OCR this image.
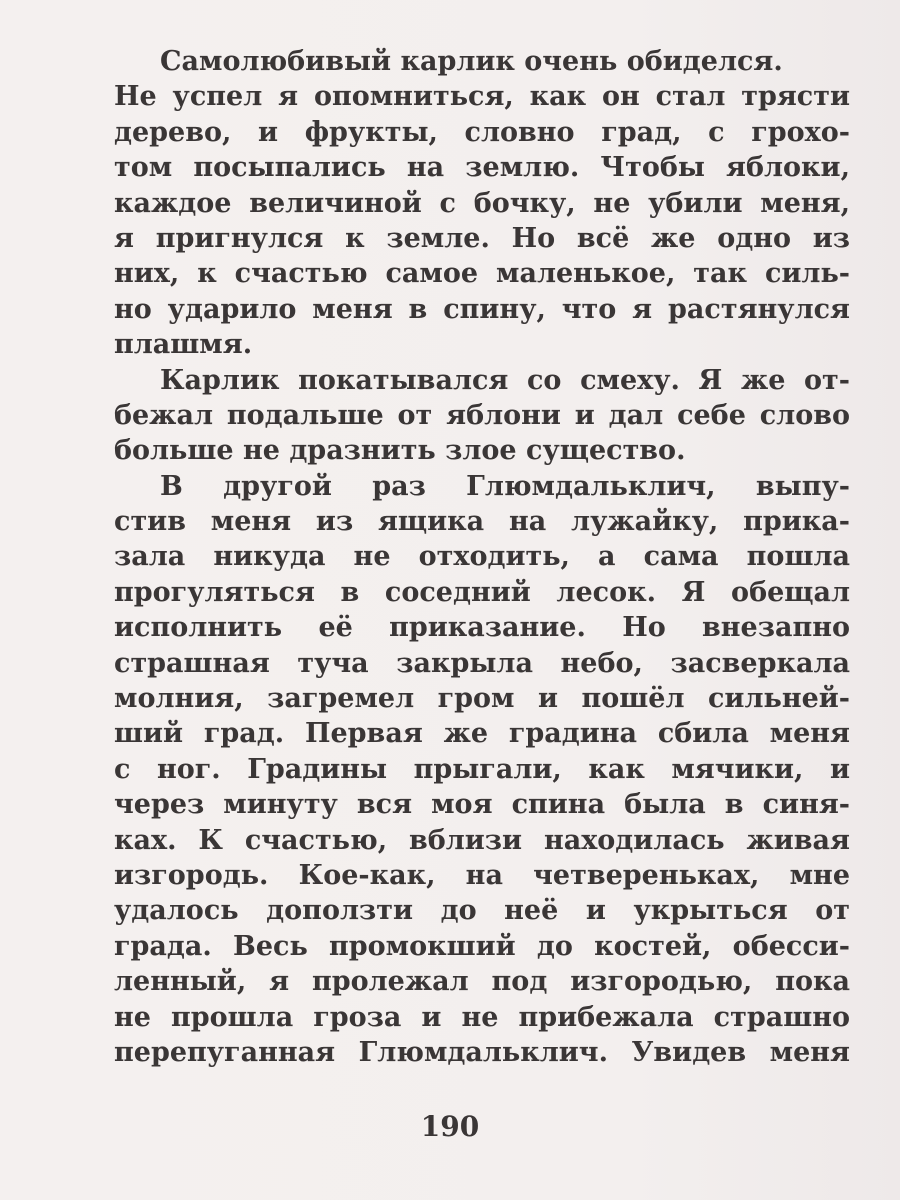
Самолюбивый карлик очень обиделся.
Не успел я опомниться, как он стал трясти
дерево, и фрукты, словно град, с грохо-
том посыпались на землю. Чтобы яблоки,
каждое величиной с бочку, не убили меня,
я пригнулся к земле. Но всё же одно из
них, к счастью самое маленькое, так силь-
но ударило меня в спину, что я растянулся
плашмя.
Карлик покатывался со смеху. Я же от-
бежал подальше от яблони и дал себе слово
больше не дразнить злое существо.
В другой раз Глюмдальклич, выпу-
стив меня из ящика на лужайку, прика-
зала никуда не отходить, а сама пошла
прогуляться в соседний лесок. Я обещал
исполнить её приказание. Но внезапно
страшная туча закрыла небо, засверкала
молния, загремел гром и пошёл сильней-
ший град. Первая же градина сбила меня
с ног. Градины прыгали, как мячики, и
через минуту вся моя спина была в синя-
ках. К счастью, вблизи находилась живая
изгородь. Кое-как, на четвереньках, мне
удалось доползти до неё и укрыться от
града. Весь промокший до костей, обесси-
ленный, я пролежал под изгородью, пока
не прошла гроза и не прибежала страшно
перепуганная Глюмдальклич. Увидев меня
190
